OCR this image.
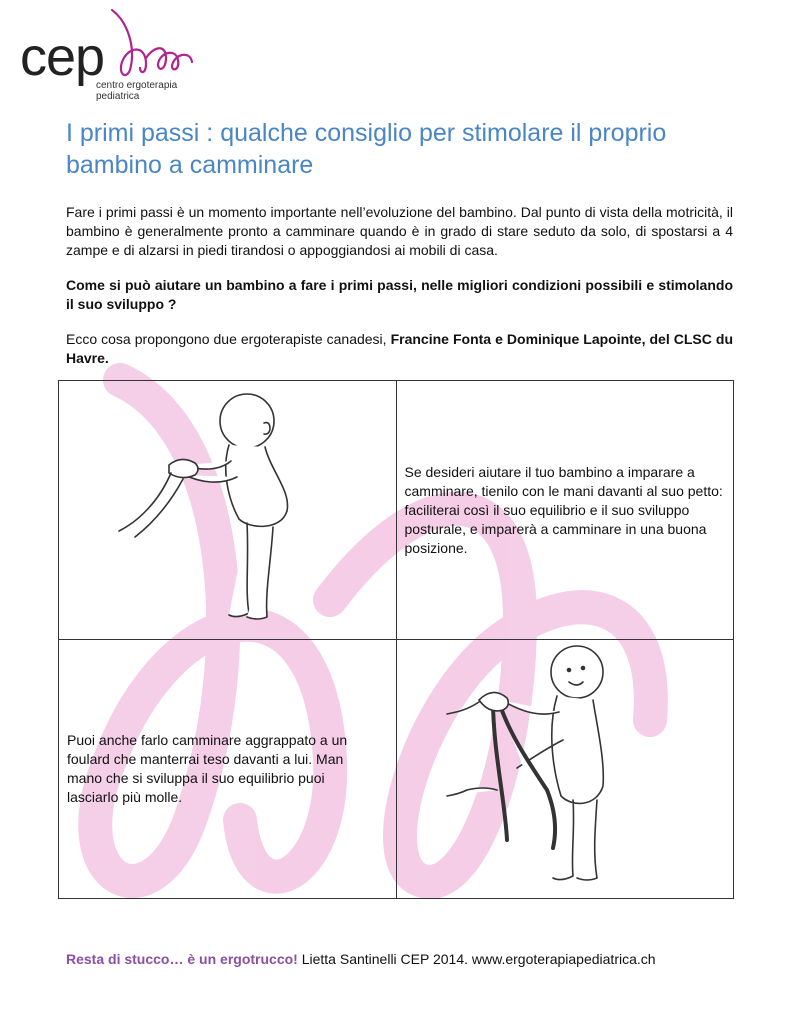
cep
centro ergoterapia
pediatrica
I primi passi : qualche consiglio per stimolare il proprio bambino a camminare

Fare i primi passi è un momento importante nell’evoluzione del bambino. Dal punto di vista della motricità, il bambino è generalmente pronto a camminare quando è in grado di stare seduto da solo, di spostarsi a 4 zampe e di alzarsi in piedi tirandosi o appoggiandosi ai mobili di casa.

Come si può aiutare un bambino a fare i primi passi, nelle migliori condizioni possibili e stimolando il suo sviluppo ?

Ecco cosa propongono due ergoterapiste canadesi, Francine Fonta e Dominique Lapointe, del CLSC du Havre.

Se desideri aiutare il tuo bambino a imparare a camminare, tienilo con le mani davanti al suo petto: faciliterai così il suo equilibrio e il suo sviluppo posturale, e imparerà a camminare in una buona posizione.

Puoi anche farlo camminare aggrappato a un foulard che manterrai teso davanti a lui. Man mano che si sviluppa il suo equilibrio puoi lasciarlo più molle.

Resta di stucco… è un ergotrucco! Lietta Santinelli CEP 2014. www.ergoterapiapediatrica.ch
